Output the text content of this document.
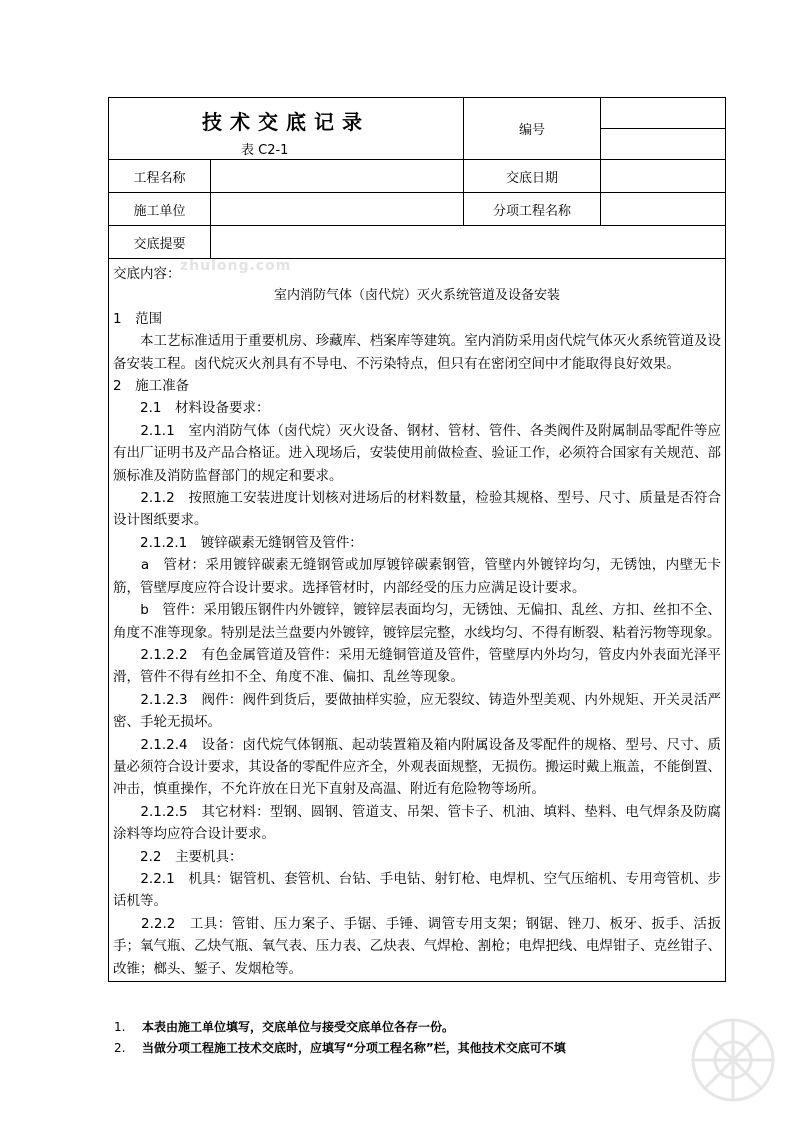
技术交底记录
表 C2-1
编号
工程名称	交底日期
施工单位	分项工程名称
交底提要

交底内容：

室内消防气体（卤代烷）灭火系统管道及设备安装

1　范围

　　本工艺标准适用于重要机房、珍藏库、档案库等建筑。室内消防采用卤代烷气体灭火系统管道及设备安装工程。卤代烷灭火剂具有不导电、不污染特点，但只有在密闭空间中才能取得良好效果。

2　施工准备

　　2.1　材料设备要求：

　　2.1.1　室内消防气体（卤代烷）灭火设备、钢材、管材、管件、各类阀件及附属制品零配件等应有出厂证明书及产品合格证。进入现场后，安装使用前做检查、验证工作，必须符合国家有关规范、部颁标准及消防监督部门的规定和要求。

　　2.1.2　按照施工安装进度计划核对进场后的材料数量，检验其规格、型号、尺寸、质量是否符合设计图纸要求。

　　2.1.2.1　镀锌碳素无缝钢管及管件：

　　a　管材：采用镀锌碳素无缝钢管或加厚镀锌碳素钢管，管壁内外镀锌均匀，无锈蚀，内壁无卡筋，管壁厚度应符合设计要求。选择管材时，内部经受的压力应满足设计要求。

　　b　管件：采用锻压钢件内外镀锌，镀锌层表面均匀，无锈蚀、无偏扣、乱丝、方扣、丝扣不全、角度不准等现象。特别是法兰盘要内外镀锌，镀锌层完整，水线均匀、不得有断裂、粘着污物等现象。

　　2.1.2.2　有色金属管道及管件：采用无缝铜管道及管件，管壁厚内外均匀，管皮内外表面光泽平滑，管件不得有丝扣不全、角度不准、偏扣、乱丝等现象。

　　2.1.2.3　阀件：阀件到货后，要做抽样实验，应无裂纹、铸造外型美观、内外规矩、开关灵活严密、手轮无损坏。

　　2.1.2.4　设备：卤代烷气体钢瓶、起动装置箱及箱内附属设备及零配件的规格、型号、尺寸、质量必须符合设计要求，其设备的零配件应齐全，外观表面规整，无损伤。搬运时戴上瓶盖，不能倒置、冲击，慎重操作，不允许放在日光下直射及高温、附近有危险物等场所。

　　2.1.2.5　其它材料：型钢、圆钢、管道支、吊架、管卡子、机油、填料、垫料、电气焊条及防腐涂料等均应符合设计要求。

　　2.2　主要机具：

　　2.2.1　机具：锯管机、套管机、台钻、手电钻、射钉枪、电焊机、空气压缩机、专用弯管机、步话机等。

　　2.2.2　工具：管钳、压力案子、手锯、手锤、调管专用支架；钢锯、锉刀、板牙、扳手、活扳手；氧气瓶、乙炔气瓶、氧气表、压力表、乙炔表、气焊枪、割枪；电焊把线、电焊钳子、克丝钳子、改锥；榔头、錾子、发烟枪等。

1.	本表由施工单位填写，交底单位与接受交底单位各存一份。
2.	当做分项工程施工技术交底时，应填写“分项工程名称”栏，其他技术交底可不填
zhulong.com
